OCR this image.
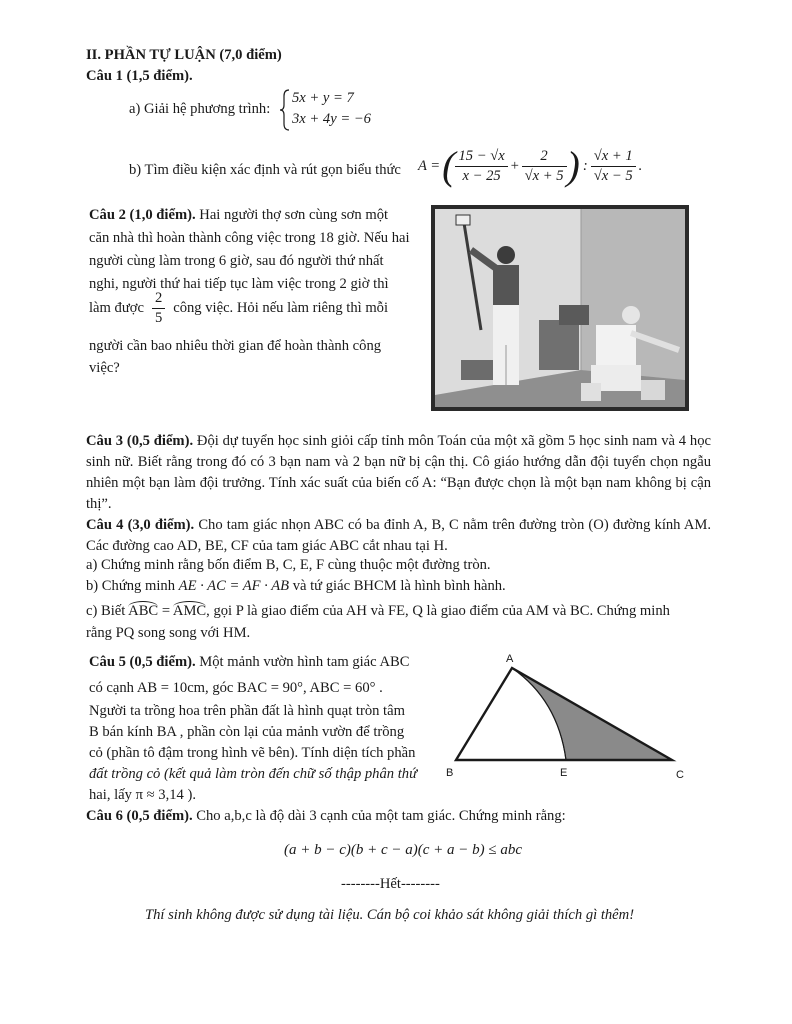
II. PHẦN TỰ LUẬN (7,0 điểm)
Câu 1 (1,5 điểm).
a) Giải hệ phương trình:
5x + y = 7
3x + 4y = −6
b) Tìm điều kiện xác định và rút gọn biểu thức A = ( $\frac{15 - √x}{x - 25} + \frac{2}{√x + 5}$ ) : $\frac{√x + 1}{√x - 5}$ .
Câu 2 (1,0 điểm). Hai người thợ sơn cùng sơn một
căn nhà thì hoàn thành công việc trong 18 giờ. Nếu hai
người cùng làm trong 6 giờ, sau đó người thứ nhất
nghi, người thứ hai tiếp tục làm việc trong 2 giờ thì
làm được $\frac{2}{5}$ công việc. Hỏi nếu làm riêng thì mỗi
người cần bao nhiêu thời gian để hoàn thành công
việc?
Câu 3 (0,5 điểm). Đội dự tuyển học sinh giỏi cấp tỉnh môn Toán của một xã gồm 5 học sinh nam và 4 học sinh nữ. Biết rằng trong đó có 3 bạn nam và 2 bạn nữ bị cận thị. Cô giáo hướng dẫn đội tuyển chọn ngẫu nhiên một bạn làm đội trưởng. Tính xác suất của biến cố A: “Bạn được chọn là một bạn nam không bị cận thị”.
Câu 4 (3,0 điểm). Cho tam giác nhọn ABC có ba đỉnh A, B, C nằm trên đường tròn (O) đường kính AM. Các đường cao AD, BE, CF của tam giác ABC cắt nhau tại H.
a) Chứng minh rằng bốn điểm B, C, E, F cùng thuộc một đường tròn.
b) Chứng minh AE · AC = AF · AB và tứ giác BHCM là hình bình hành.
c) Biết ABC = AMC, gọi P là giao điểm của AH và FE, Q là giao điểm của AM và BC. Chứng minh
rằng PQ song song với HM.
Câu 5 (0,5 điểm). Một mảnh vườn hình tam giác ABC
có cạnh AB = 10cm, góc BAC = 90°, ABC = 60° .
Người ta trồng hoa trên phần đất là hình quạt tròn tâm
B bán kính BA , phần còn lại của mảnh vườn để trồng
cỏ (phần tô đậm trong hình vẽ bên). Tính diện tích phần
đất trồng cỏ (kết quả làm tròn đến chữ số thập phân thứ
hai, lấy π ≈ 3,14 ).
A
B	E	C
Câu 6 (0,5 điểm). Cho a,b,c là độ dài 3 cạnh của một tam giác. Chứng minh rằng:
(a + b − c)(b + c − a)(c + a − b) ≤ abc
--------Hết--------
Thí sinh không được sử dụng tài liệu. Cán bộ coi khảo sát không giải thích gì thêm!
